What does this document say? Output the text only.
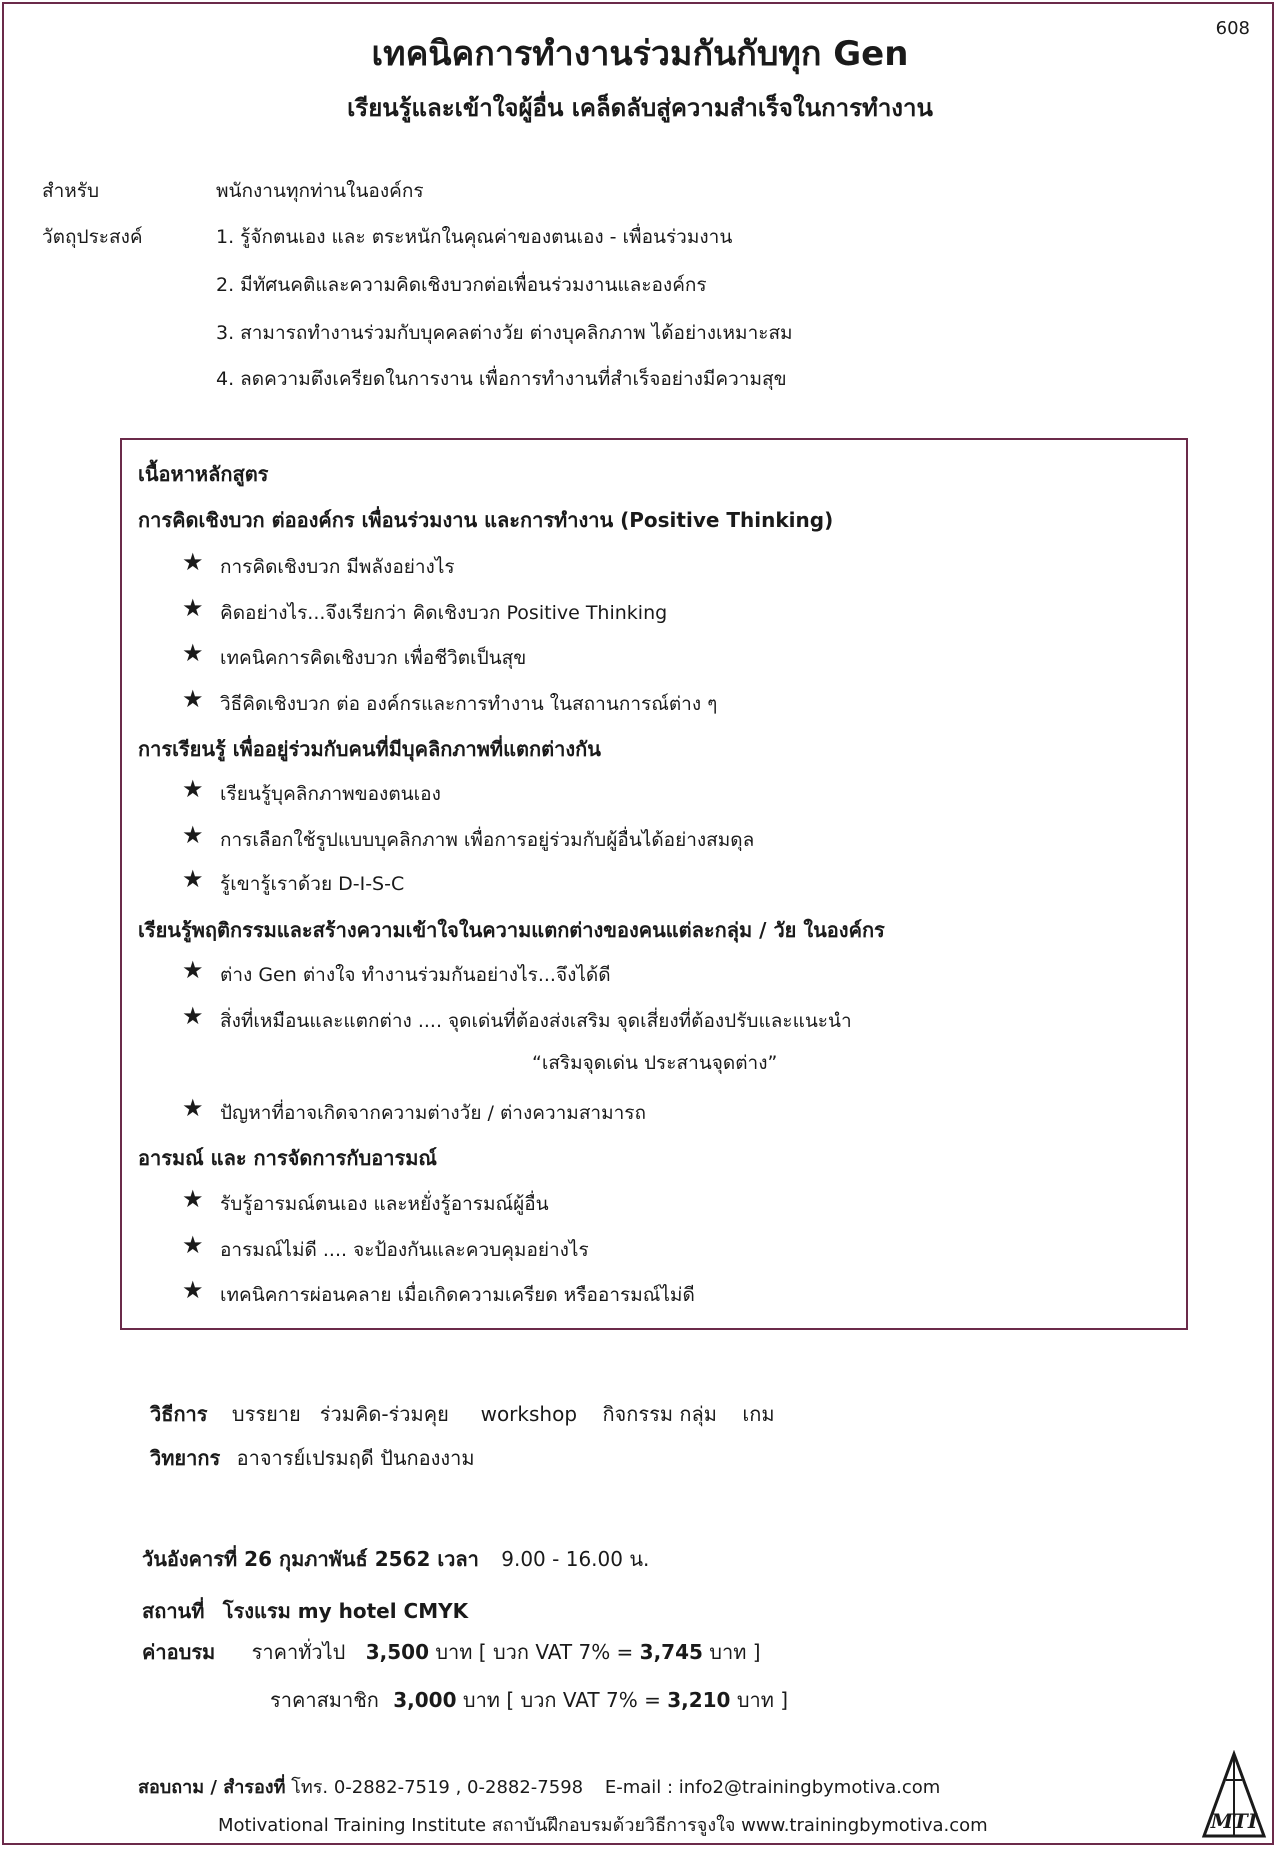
608
เทคนิคการทำงานร่วมกันกับทุก Gen
เรียนรู้และเข้าใจผู้อื่น เคล็ดลับสู่ความสำเร็จในการทำงาน
สำหรับ	พนักงานทุกท่านในองค์กร
วัตถุประสงค์	1. รู้จักตนเอง และ ตระหนักในคุณค่าของตนเอง - เพื่อนร่วมงาน
2. มีทัศนคติและความคิดเชิงบวกต่อเพื่อนร่วมงานและองค์กร
3. สามารถทำงานร่วมกับบุคคลต่างวัย ต่างบุคลิกภาพ ได้อย่างเหมาะสม
4. ลดความตึงเครียดในการงาน เพื่อการทำงานที่สำเร็จอย่างมีความสุข
เนื้อหาหลักสูตร
การคิดเชิงบวก ต่อองค์กร เพื่อนร่วมงาน และการทำงาน (Positive Thinking)
★ การคิดเชิงบวก มีพลังอย่างไร
★ คิดอย่างไร...จึงเรียกว่า คิดเชิงบวก Positive Thinking
★ เทคนิคการคิดเชิงบวก เพื่อชีวิตเป็นสุข
★ วิธีคิดเชิงบวก ต่อ องค์กรและการทำงาน ในสถานการณ์ต่าง ๆ
การเรียนรู้ เพื่ออยู่ร่วมกับคนที่มีบุคลิกภาพที่แตกต่างกัน
★ เรียนรู้บุคลิกภาพของตนเอง
★ การเลือกใช้รูปแบบบุคลิกภาพ เพื่อการอยู่ร่วมกับผู้อื่นได้อย่างสมดุล
★ รู้เขารู้เราด้วย D-I-S-C
เรียนรู้พฤติกรรมและสร้างความเข้าใจในความแตกต่างของคนแต่ละกลุ่ม / วัย ในองค์กร
★ ต่าง Gen ต่างใจ ทำงานร่วมกันอย่างไร...จึงได้ดี
★ สิ่งที่เหมือนและแตกต่าง .... จุดเด่นที่ต้องส่งเสริม จุดเสี่ยงที่ต้องปรับและแนะนำ
“เสริมจุดเด่น ประสานจุดต่าง”
★ ปัญหาที่อาจเกิดจากความต่างวัย / ต่างความสามารถ
อารมณ์ และ การจัดการกับอารมณ์
★ รับรู้อารมณ์ตนเอง และหยั่งรู้อารมณ์ผู้อื่น
★ อารมณ์ไม่ดี .... จะป้องกันและควบคุมอย่างไร
★ เทคนิคการผ่อนคลาย เมื่อเกิดความเครียด หรืออารมณ์ไม่ดี
วิธีการ บรรยาย   ร่วมคิด-ร่วมคุย     workshop    กิจกรรม กลุ่ม    เกม
วิทยากร อาจารย์เปรมฤดี ปันกองงาม
วันอังคารที่ 26 กุมภาพันธ์ 2562 เวลา 9.00 - 16.00 น.
สถานที่ โรงแรม my hotel CMYK
ค่าอบรม ราคาทั่วไป 3,500 บาท [ บวก VAT 7% = 3,745 บาท ]
ราคาสมาชิก 3,000 บาท [ บวก VAT 7% = 3,210 บาท ]
สอบถาม / สำรองที่ โทร. 0-2882-7519 , 0-2882-7598 E-mail : info2@trainingbymotiva.com
Motivational Training Institute สถาบันฝึกอบรมด้วยวิธีการจูงใจ www.trainingbymotiva.com	MTI
